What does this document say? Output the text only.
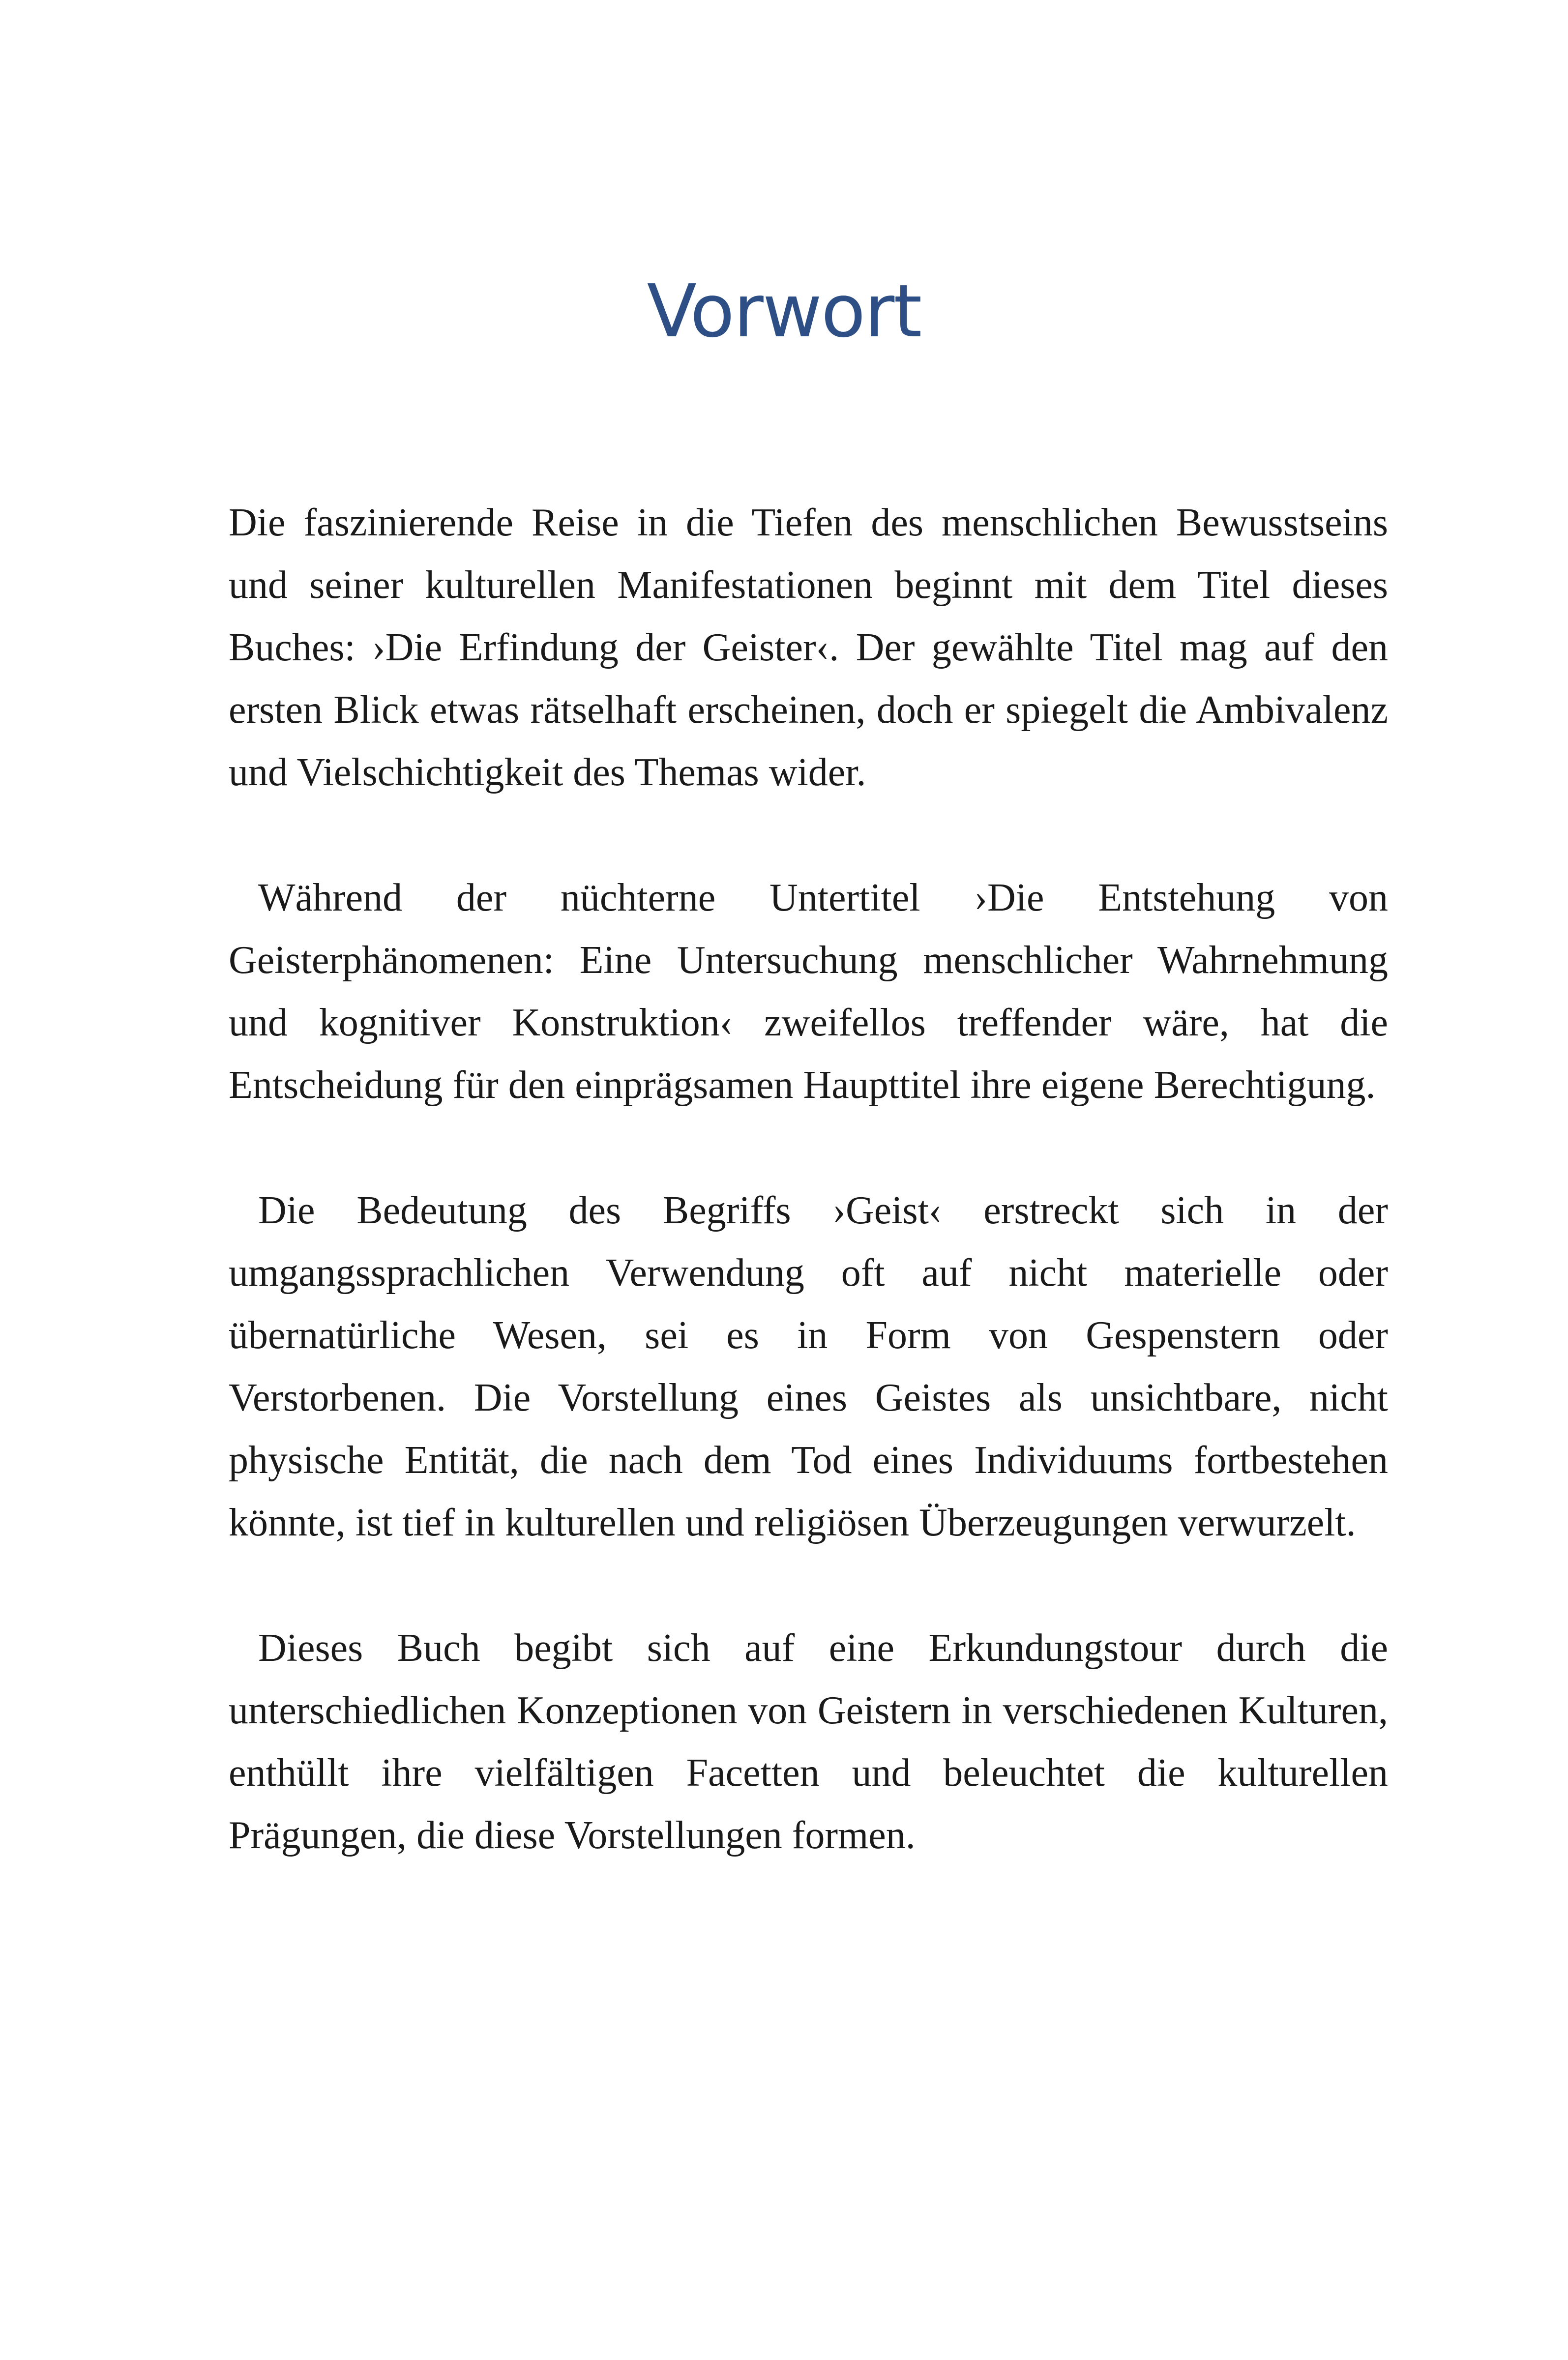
Vorwort

Die faszinierende Reise in die Tiefen des menschlichen Bewusstseins und seiner kulturellen Manifestationen beginnt mit dem Titel dieses Buches: ›Die Erfindung der Geister‹. Der gewählte Titel mag auf den ersten Blick etwas rätselhaft erscheinen, doch er spiegelt die Ambivalenz und Vielschichtigkeit des Themas wider.

Während der nüchterne Untertitel ›Die Entstehung von Geisterphänomenen: Eine Untersuchung menschlicher Wahrnehmung und kognitiver Konstruktion‹ zweifellos treffender wäre, hat die Entscheidung für den einprägsamen Haupttitel ihre eigene Berechtigung.

Die Bedeutung des Begriffs ›Geist‹ erstreckt sich in der umgangssprachlichen Verwendung oft auf nicht materielle oder übernatürliche Wesen, sei es in Form von Gespenstern oder Verstorbenen. Die Vorstellung eines Geistes als unsichtbare, nicht physische Entität, die nach dem Tod eines Individuums fortbestehen könnte, ist tief in kulturellen und religiösen Überzeugungen verwurzelt.

Dieses Buch begibt sich auf eine Erkundungstour durch die unterschiedlichen Konzeptionen von Geistern in verschiedenen Kulturen, enthüllt ihre vielfältigen Facetten und beleuchtet die kulturellen Prägungen, die diese Vorstellungen formen.
